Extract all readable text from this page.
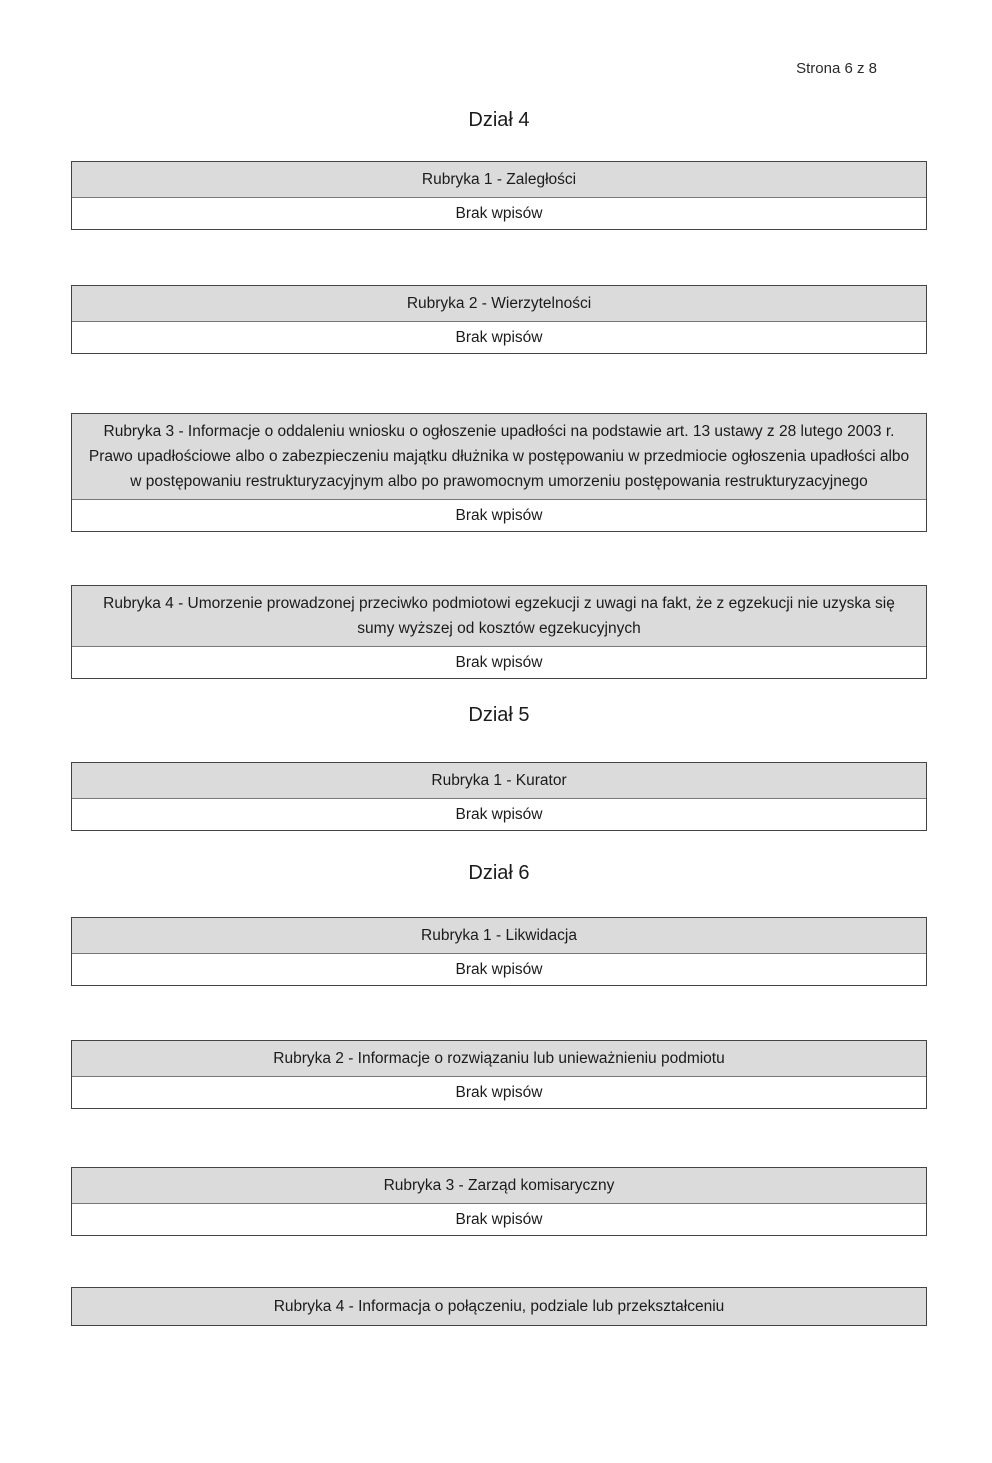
Strona 6 z 8
Dział 4
Rubryka 1 - Zaległości
Brak wpisów
Rubryka 2 - Wierzytelności
Brak wpisów
Rubryka 3 - Informacje o oddaleniu wniosku o ogłoszenie upadłości na podstawie art. 13 ustawy z 28 lutego 2003 r. Prawo upadłościowe albo o zabezpieczeniu majątku dłużnika w postępowaniu w przedmiocie ogłoszenia upadłości albo w postępowaniu restrukturyzacyjnym albo po prawomocnym umorzeniu postępowania restrukturyzacyjnego
Brak wpisów
Rubryka 4 - Umorzenie prowadzonej przeciwko podmiotowi egzekucji z uwagi na fakt, że z egzekucji nie uzyska się sumy wyższej od kosztów egzekucyjnych
Brak wpisów
Dział 5
Rubryka 1 - Kurator
Brak wpisów
Dział 6
Rubryka 1 - Likwidacja
Brak wpisów
Rubryka 2 - Informacje o rozwiązaniu lub unieważnieniu podmiotu
Brak wpisów
Rubryka 3 - Zarząd komisaryczny
Brak wpisów
Rubryka 4 - Informacja o połączeniu, podziale lub przekształceniu
